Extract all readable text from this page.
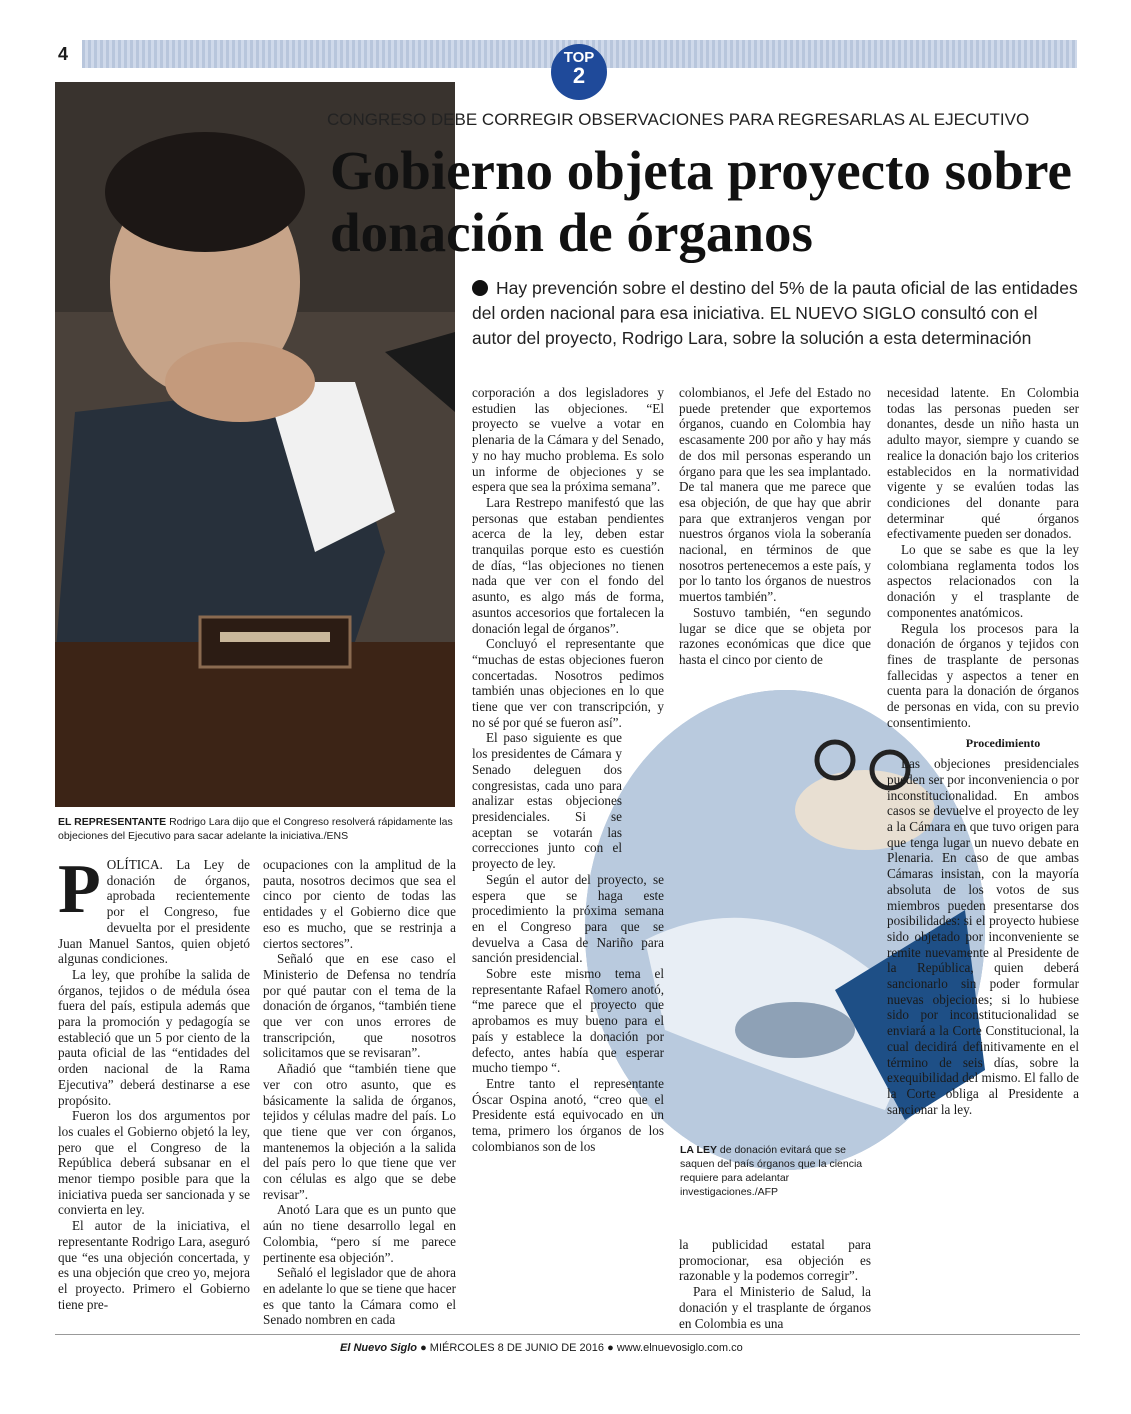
4	TOP
2
CONGRESO DEBE CORREGIR OBSERVACIONES PARA REGRESARLAS AL EJECUTIVO
Gobierno objeta proyecto sobre donación de órganos
Hay prevención sobre el destino del 5% de la pauta oficial de las entidades del orden nacional para esa iniciativa. EL NUEVO SIGLO consultó con el autor del proyecto, Rodrigo Lara, sobre la solución a esta determinación
EL REPRESENTANTE Rodrigo Lara dijo que el Congreso resolverá rápidamente las objeciones del Ejecutivo para sacar adelante la iniciativa./ENS
LA LEY de donación evitará que se saquen del país órganos que la ciencia requiere para adelantar investigaciones./AFP

POLÍTICA. La Ley de donación de órganos, aprobada recientemente por el Congreso, fue devuelta por el presidente Juan Manuel Santos, quien objetó algunas condiciones.

La ley, que prohíbe la salida de órganos, tejidos o de médula ósea fuera del país, estipula además que para la promoción y pedagogía se estableció que un 5 por ciento de la pauta oficial de las “entidades del orden nacional de la Rama Ejecutiva” deberá destinarse a ese propósito.

Fueron los dos argumentos por los cuales el Gobierno objetó la ley, pero que el Congreso de la República deberá subsanar en el menor tiempo posible para que la iniciativa pueda ser sancionada y se convierta en ley.

El autor de la iniciativa, el representante Rodrigo Lara, aseguró que “es una objeción concertada, y es una objeción que creo yo, mejora el proyecto. Primero el Gobierno tiene pre-

ocupaciones con la amplitud de la pauta, nosotros decimos que sea el cinco por ciento de todas las entidades y el Gobierno dice que eso es mucho, que se restrinja a ciertos sectores”.

Señaló que en ese caso el Ministerio de Defensa no tendría por qué pautar con el tema de la donación de órganos, “también tiene que ver con unos errores de transcripción, que nosotros solicitamos que se revisaran”.

Añadió que “también tiene que ver con otro asunto, que es básicamente la salida de órganos, tejidos y células madre del país. Lo que tiene que ver con órganos, mantenemos la objeción a la salida del país pero lo que tiene que ver con células es algo que se debe revisar”.

Anotó Lara que es un punto que aún no tiene desarrollo legal en Colombia, “pero sí me parece pertinente esa objeción”.

Señaló el legislador que de ahora en adelante lo que se tiene que hacer es que tanto la Cámara como el Senado nombren en cada

corporación a dos legisladores y estudien las objeciones. “El proyecto se vuelve a votar en plenaria de la Cámara y del Senado, y no hay mucho problema. Es solo un informe de objeciones y se espera que sea la próxima semana”.

Lara Restrepo manifestó que las personas que estaban pendientes acerca de la ley, deben estar tranquilas porque esto es cuestión de días, “las objeciones no tienen nada que ver con el fondo del asunto, es algo más de forma, asuntos accesorios que fortalecen la donación legal de órganos”.

Concluyó el representante que “muchas de estas objeciones fueron concertadas. Nosotros pedimos también unas objeciones en lo que tiene que ver con transcripción, y no sé por qué se fueron así”.

El paso siguiente es que los presidentes de Cámara y Senado deleguen dos congresistas, cada uno para analizar estas objeciones presidenciales. Si se aceptan se votarán las correcciones junto con el proyecto de ley.

Según el autor del proyecto, se espera que se haga este procedimiento la próxima semana en el Congreso para que se devuelva a Casa de Nariño para sanción presidencial.

Sobre este mismo tema el representante Rafael Romero anotó, “me parece que el proyecto que aprobamos es muy bueno para el país y establece la donación por defecto, antes había que esperar mucho tiempo “.

Entre tanto el representante Óscar Ospina anotó, “creo que el Presidente está equivocado en un tema, primero los órganos de los colombianos son de los

colombianos, el Jefe del Estado no puede pretender que exportemos órganos, cuando en Colombia hay escasamente 200 por año y hay más de dos mil personas esperando un órgano para que les sea implantado. De tal manera que me parece que esa objeción, de que hay que abrir para que extranjeros vengan por nuestros órganos viola la soberanía nacional, en términos de que nosotros pertenecemos a este país, y por lo tanto los órganos de nuestros muertos también”.

Sostuvo también, “en segundo lugar se dice que se objeta por razones económicas que dice que hasta el cinco por ciento de

la publicidad estatal para promocionar, esa objeción es razonable y la podemos corregir”.

Para el Ministerio de Salud, la donación y el trasplante de órganos en Colombia es una

necesidad latente. En Colombia todas las personas pueden ser donantes, desde un niño hasta un adulto mayor, siempre y cuando se realice la donación bajo los criterios establecidos en la normatividad vigente y se evalúen todas las condiciones del donante para determinar qué órganos efectivamente pueden ser donados.

Lo que se sabe es que la ley colombiana reglamenta todos los aspectos relacionados con la donación y el trasplante de componentes anatómicos.

Regula los procesos para la donación de órganos y tejidos con fines de trasplante de personas fallecidas y aspectos a tener en cuenta para la donación de órganos de personas en vida, con su previo consentimiento.

Procedimiento

Las objeciones presidenciales pueden ser por inconveniencia o por inconstitucionalidad. En ambos casos se devuelve el proyecto de ley a la Cámara en que tuvo origen para que tenga lugar un nuevo debate en Plenaria. En caso de que ambas Cámaras insistan, con la mayoría absoluta de los votos de sus miembros pueden presentarse dos posibilidades: si el proyecto hubiese sido objetado por inconveniente se remite nuevamente al Presidente de la República, quien deberá sancionarlo sin poder formular nuevas objeciones; si lo hubiese sido por inconstitucionalidad se enviará a la Corte Constitucional, la cual decidirá definitivamente en el término de seis días, sobre la exequibilidad del mismo. El fallo de la Corte obliga al Presidente a sancionar la ley.

El Nuevo Siglo ● MIÉRCOLES 8 DE JUNIO DE 2016 ● www.elnuevosiglo.com.co
